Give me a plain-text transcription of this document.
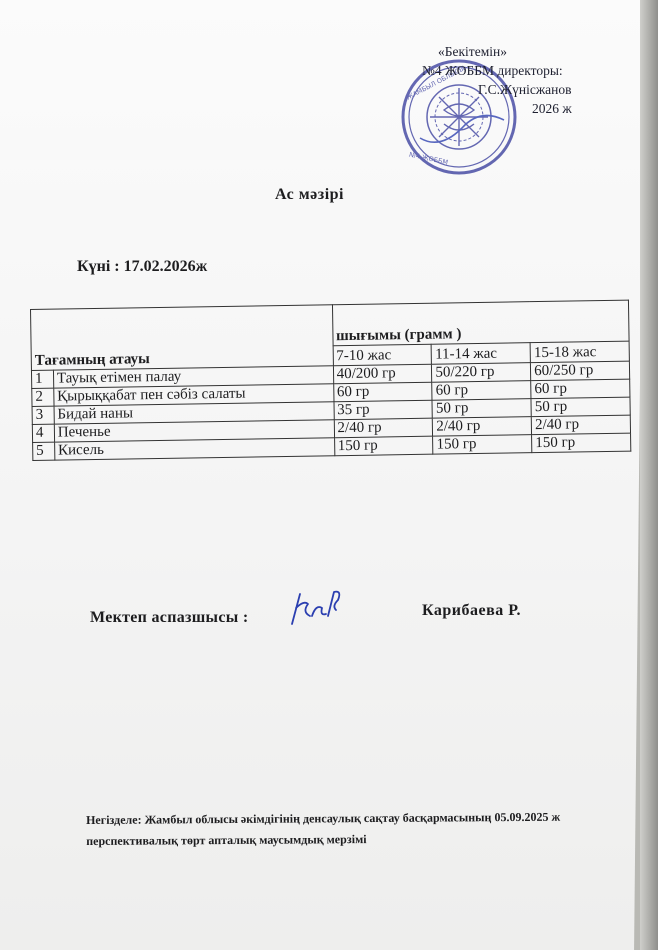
ЖАМБЫЛ ОБЛЫСЫ
№4 ЖОББМ
«Бекітемін»
№4 ЖОББМ директоры:
Г.С.Жүнісжанов
2026 ж
Ас мәзірі
Күні : 17.02.2026ж
Тағамның атауы		шығымы (грамм )		
		7-10 жас	11-14 жас	15-18 жас
1	Тауық етімен палау	40/200 гр	50/220 гр	60/250 гр
2	Қырыққабат пен сәбіз салаты	60 гр	60 гр	60 гр
3	Бидай наны	35 гр	50 гр	50 гр
4	Печенье	2/40 гр	2/40 гр	2/40 гр
5	Кисель	150 гр	150 гр	150 гр
Мектеп аспазшысы :	Карибаева Р.
Негізделе: Жамбыл облысы әкімдігінің денсаулық сақтау басқармасының 05.09.2025 ж
перспективалық төрт апталық маусымдық мерзімі
